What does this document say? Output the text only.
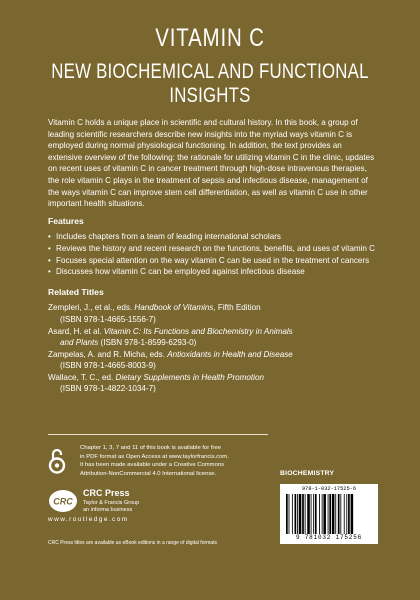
VITAMIN C
NEW BIOCHEMICAL AND FUNCTIONAL INSIGHTS

Vitamin C holds a unique place in scientific and cultural history. In this book, a group of leading scientific researchers describe new insights into the myriad ways vitamin C is employed during normal physiological functioning. In addition, the text provides an extensive overview of the following: the rationale for utilizing vitamin C in the clinic, updates on recent uses of vitamin C in cancer treatment through high-dose intravenous therapies, the role vitamin C plays in the treatment of sepsis and infectious disease, management of the ways vitamin C can improve stem cell differentiation, as well as vitamin C use in other important health situations.

Features
• Includes chapters from a team of leading international scholars
• Reviews the history and recent research on the functions, benefits, and uses of vitamin C
• Focuses special attention on the way vitamin C can be used in the treatment of cancers
• Discusses how vitamin C can be employed against infectious disease
Related Titles
Zempleri, J., et al., eds. Handbook of Vitamins, Fifth Edition
(ISBN 978-1-4665-1556-7)
Asard, H. et al. Vitamin C: Its Functions and Biochemistry in Animals
and Plants (ISBN 978-1-8599-6293-0)
Zampelas, A. and R. Micha, eds. Antioxidants in Health and Disease
(ISBN 978-1-4665-8003-9)
Wallace, T. C., ed. Dietary Supplements in Health Promotion
(ISBN 978-1-4822-1034-7)
Chapter 1, 3, 7 and 11 of this book is available for free
in PDF format as Open Access at www.taylorfrancis.com.
It has been made available under a Creative Commons
Attribution-NonCommercial 4.0 International license.
CRC
CRC Press
Taylor & Francis Group
an informa business
www.routledge.com
CRC Press titles are available as eBook editions in a range of digital formats
BIOCHEMISTRY
978-1-032-17525-6
9 781032 175256
